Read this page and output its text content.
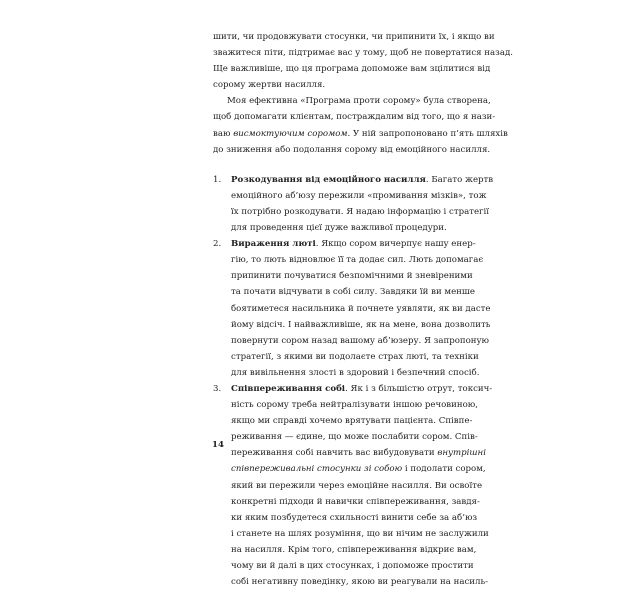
шити, чи продовжувати стосунки, чи припинити їх, і якщо ви
зважитеся піти, підтримає вас у тому, щоб не повертатися назад.
Ще важливіше, що ця програма допоможе вам зцілитися від
сорому жертви насилля.
Моя ефективна «Програма проти сорому» була створена,
щоб допомагати клієнтам, постраждалим від того, що я нази-
ваю висмоктуючим соромом. У ній запропоновано п’ять шляхів
до зниження або подолання сорому від емоційного насилля.
1. Розкодування від емоційного насилля. Багато жертв
емоційного аб’юзу пережили «промивання мізків», тож
їх потрібно розкодувати. Я надаю інформацію і стратегії
для проведення цієї дуже важливої процедури.
2. Вираження люті. Якщо сором вичерпує нашу енер-
гію, то лють відновлює її та додає сил. Лють допомагає
припинити почуватися безпомічними й зневіреними
та почати відчувати в собі силу. Завдяки їй ви менше
боятиметеся насильника й почнете уявляти, як ви дасте
йому відсіч. І найважливіше, як на мене, вона дозволить
повернути сором назад вашому аб’юзеру. Я запропоную
стратегії, з якими ви подолаєте страх люті, та техніки
для вивільнення злості в здоровий і безпечний спосіб.
3. Співпереживання собі. Як і з більшістю отрут, токсич-
ність сорому треба нейтралізувати іншою речовиною,
якщо ми справді хочемо врятувати пацієнта. Співпе-
реживання — єдине, що може послабити сором. Спів-
переживання собі навчить вас вибудовувати внутрішні
співпереживальні стосунки зі собою і подолати сором,
який ви пережили через емоційне насилля. Ви освоїте
конкретні підходи й навички співпереживання, завдя-
ки яким позбудетеся схильності винити себе за аб’юз
і станете на шлях розуміння, що ви нічим не заслужили
на насилля. Крім того, співпереживання відкриє вам,
чому ви й далі в цих стосунках, і допоможе простити
собі негативну поведінку, якою ви реагували на насиль-
14
